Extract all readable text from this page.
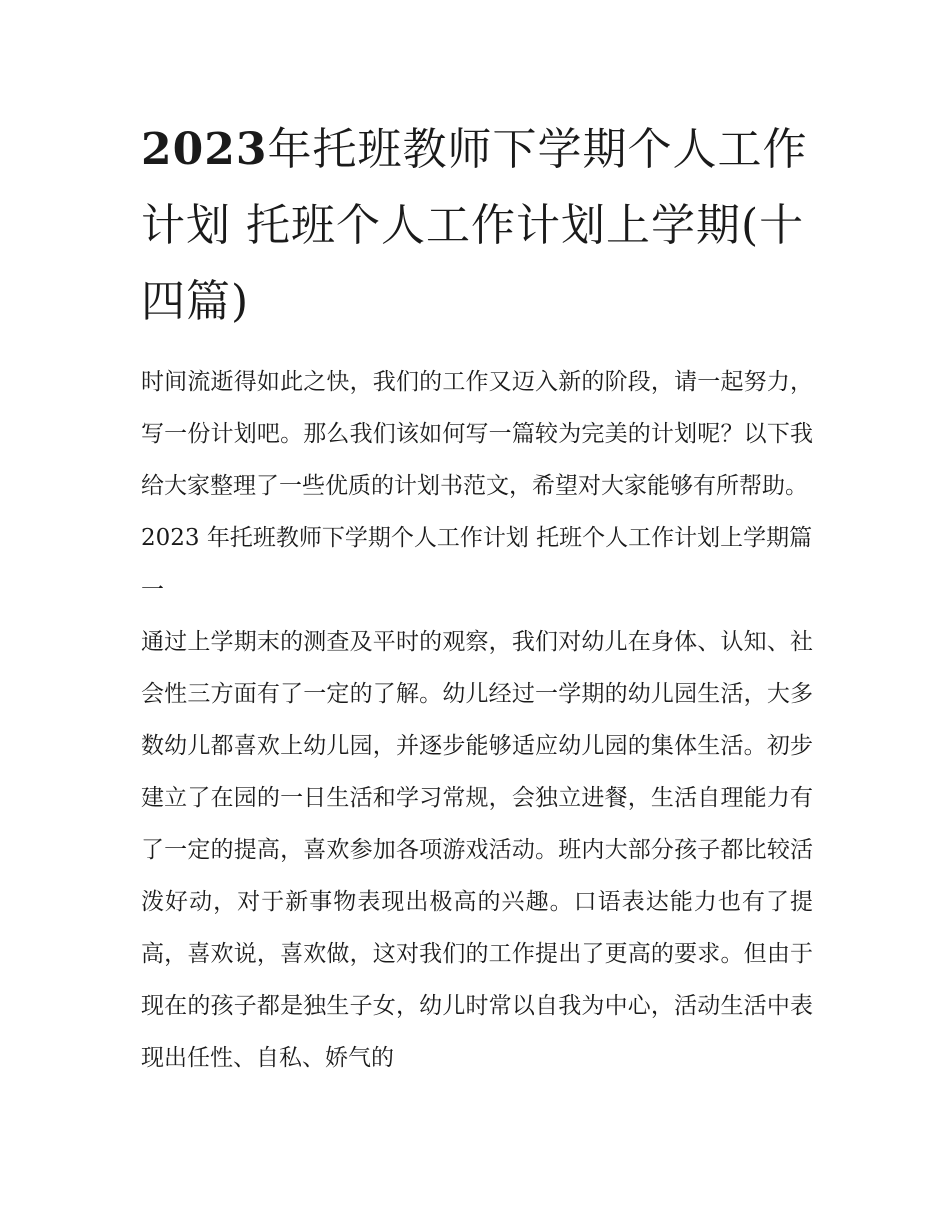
2023年托班教师下学期个人工作计划 托班个人工作计划上学期(十四篇)

时间流逝得如此之快，我们的工作又迈入新的阶段，请一起努力，写一份计划吧。那么我们该如何写一篇较为完美的计划呢？以下我给大家整理了一些优质的计划书范文，希望对大家能够有所帮助。

2023 年托班教师下学期个人工作计划 托班个人工作计划上学期篇一

通过上学期末的测查及平时的观察，我们对幼儿在身体、认知、社会性三方面有了一定的了解。幼儿经过一学期的幼儿园生活，大多数幼儿都喜欢上幼儿园，并逐步能够适应幼儿园的集体生活。初步建立了在园的一日生活和学习常规，会独立进餐，生活自理能力有了一定的提高，喜欢参加各项游戏活动。班内大部分孩子都比较活泼好动，对于新事物表现出极高的兴趣。口语表达能力也有了提高，喜欢说，喜欢做，这对我们的工作提出了更高的要求。但由于现在的孩子都是独生子女，幼儿时常以自我为中心，活动生活中表现出任性、自私、娇气的
